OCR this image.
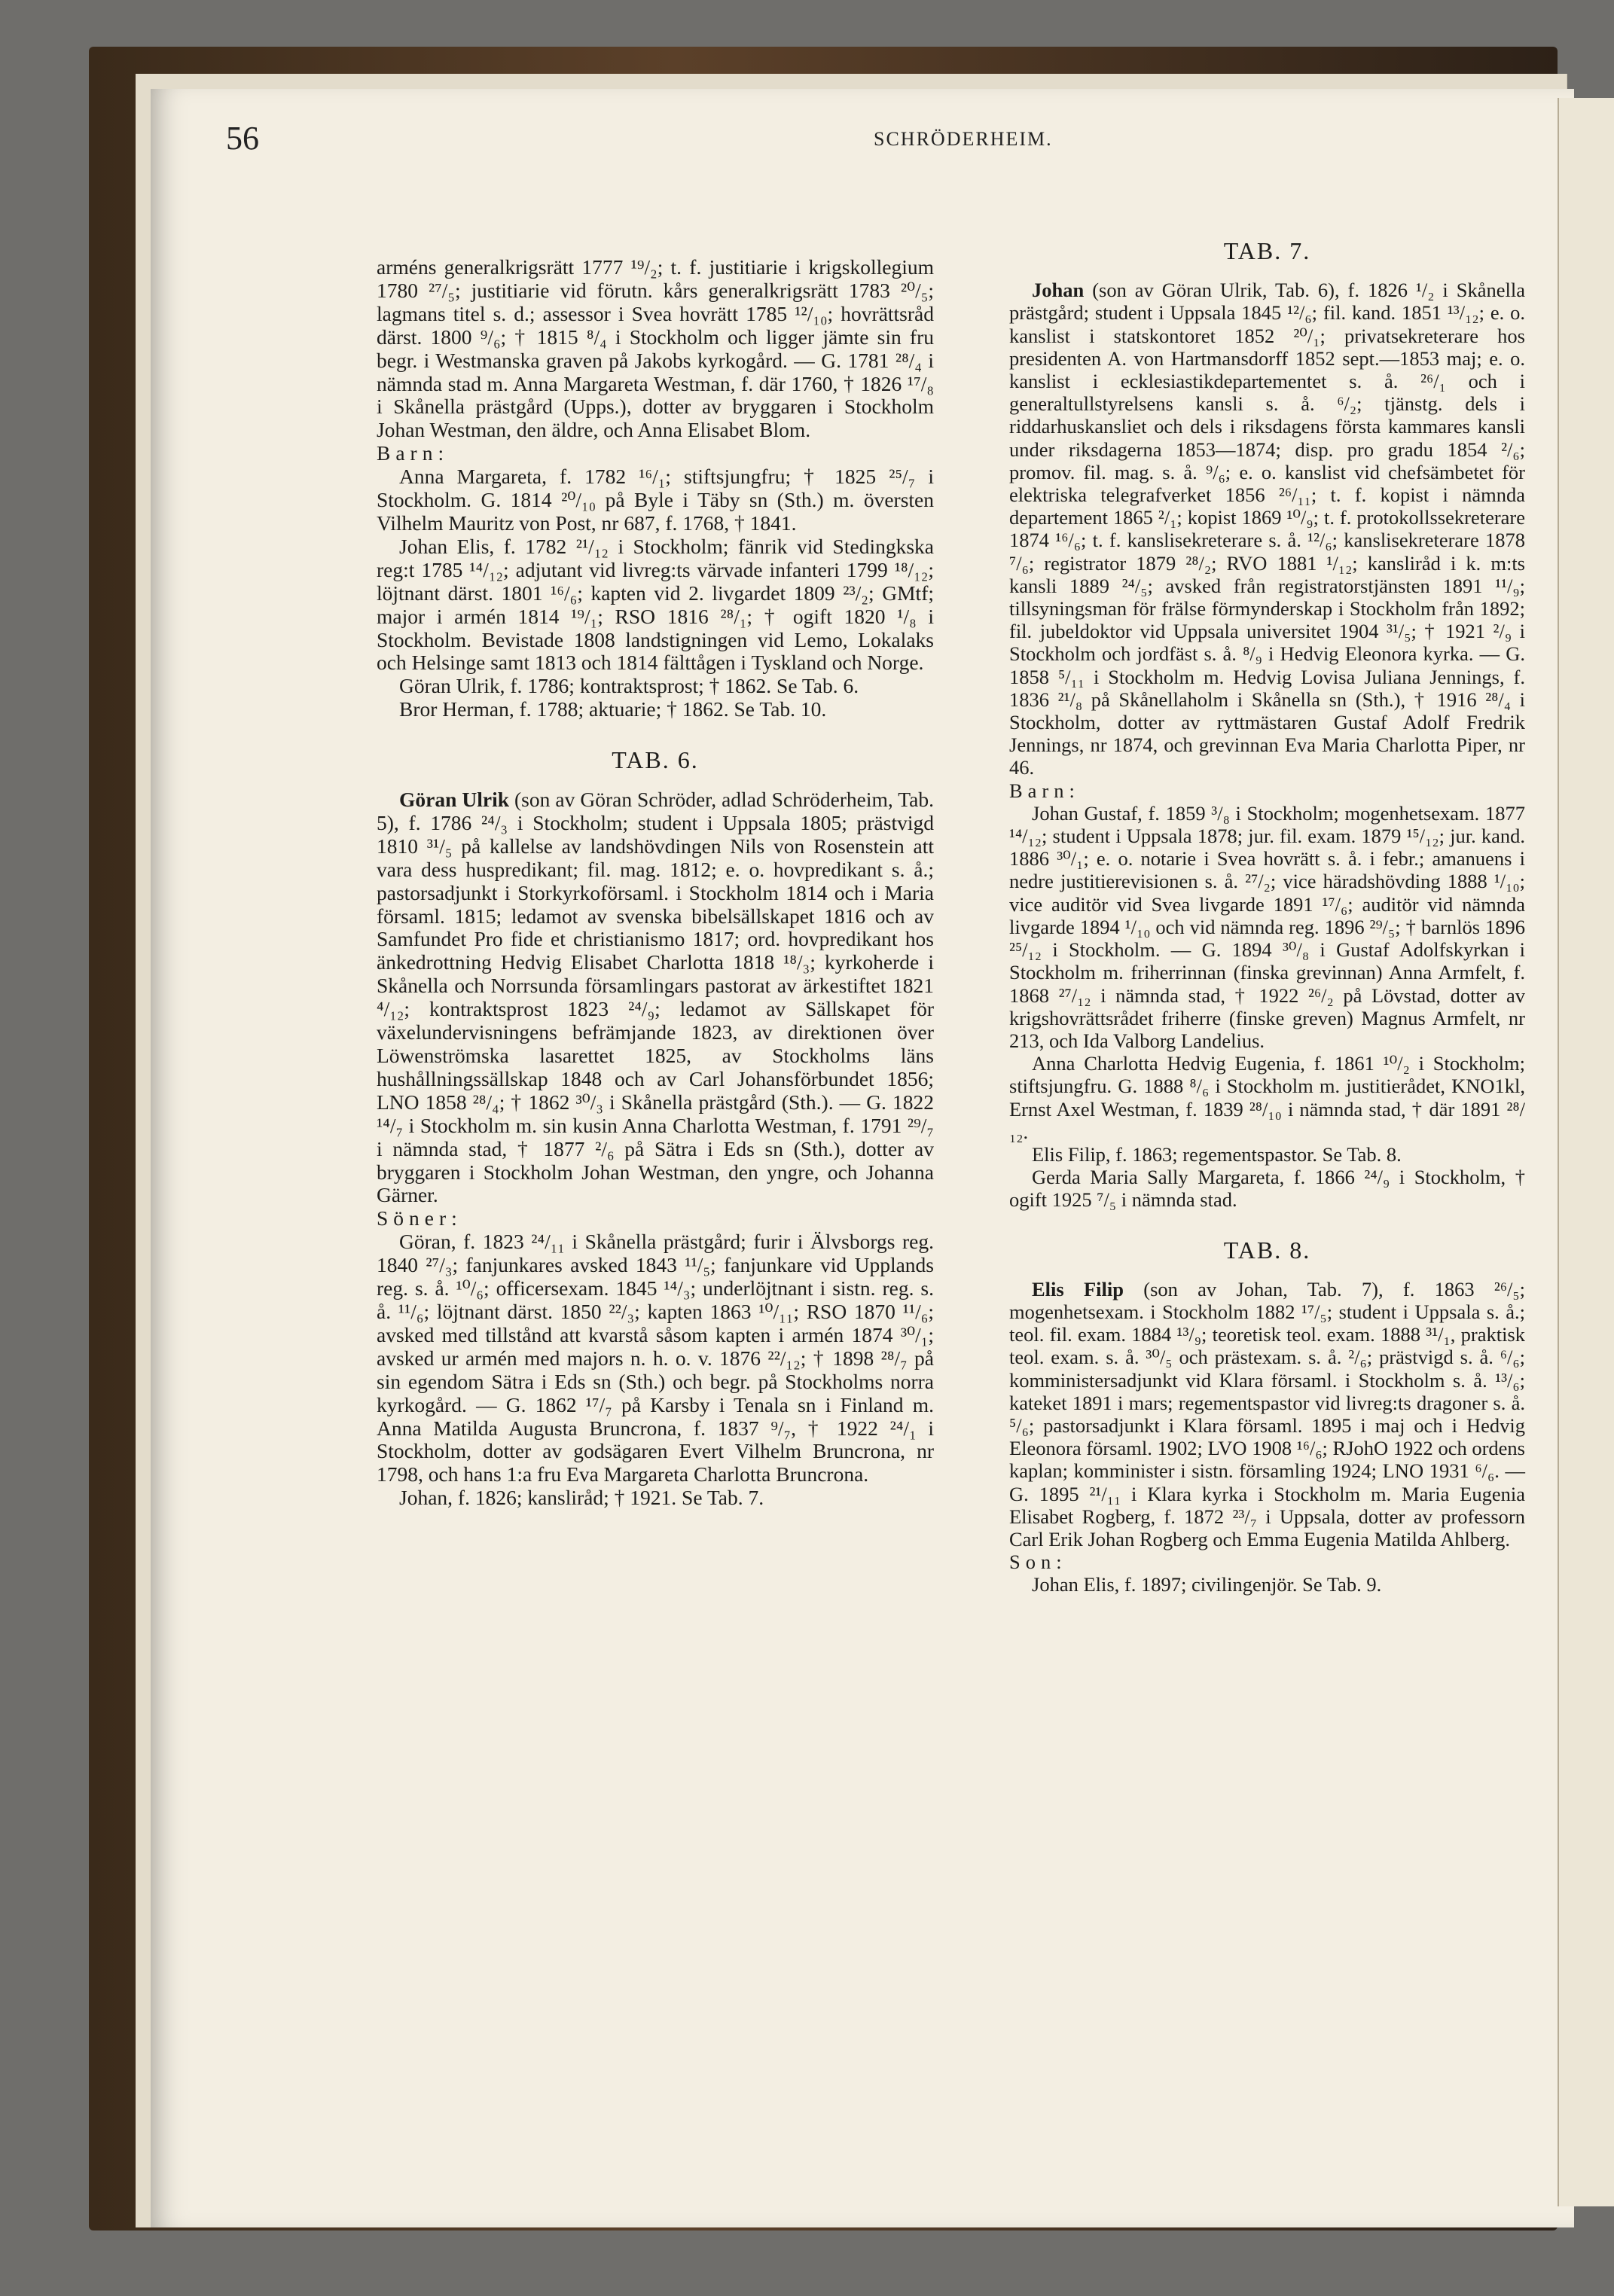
56	SCHRÖDERHEIM.

arméns generalkrigsrätt 1777 ¹⁹/₂; t. f. justitiarie i krigskollegium 1780 ²⁷/₅; justitiarie vid förutn. kårs generalkrigsrätt 1783 ²⁰/₅; lagmans titel s. d.; assessor i Svea hovrätt 1785 ¹²/₁₀; hovrättsråd därst. 1800 ⁹/₆; † 1815 ⁸/₄ i Stockholm och ligger jämte sin fru begr. i Westmanska graven på Jakobs kyrkogård. — G. 1781 ²⁸/₄ i nämnda stad m. Anna Margareta Westman, f. där 1760, † 1826 ¹⁷/₈ i Skånella prästgård (Upps.), dotter av bryggaren i Stockholm Johan Westman, den äldre, och Anna Elisabet Blom.

Barn:

Anna Margareta, f. 1782 ¹⁶/₁; stiftsjungfru; † 1825 ²⁵/₇ i Stockholm. G. 1814 ²⁰/₁₀ på Byle i Täby sn (Sth.) m. översten Vilhelm Mauritz von Post, nr 687, f. 1768, † 1841.

Johan Elis, f. 1782 ²¹/₁₂ i Stockholm; fänrik vid Stedingkska reg:t 1785 ¹⁴/₁₂; adjutant vid livreg:ts värvade infanteri 1799 ¹⁸/₁₂; löjtnant därst. 1801 ¹⁶/₆; kapten vid 2. livgardet 1809 ²³/₂; GMtf; major i armén 1814 ¹⁹/₁; RSO 1816 ²⁸/₁; † ogift 1820 ¹/₈ i Stockholm. Bevistade 1808 landstigningen vid Lemo, Lokalaks och Helsinge samt 1813 och 1814 fälttågen i Tyskland och Norge.

Göran Ulrik, f. 1786; kontraktsprost; † 1862. Se Tab. 6.

Bror Herman, f. 1788; aktuarie; † 1862. Se Tab. 10.

TAB. 6.

Göran Ulrik (son av Göran Schröder, adlad Schröderheim, Tab. 5), f. 1786 ²⁴/₃ i Stockholm; student i Uppsala 1805; prästvigd 1810 ³¹/₅ på kallelse av landshövdingen Nils von Rosenstein att vara dess huspredikant; fil. mag. 1812; e. o. hovpredikant s. å.; pastorsadjunkt i Storkyrkoförsaml. i Stockholm 1814 och i Maria församl. 1815; ledamot av svenska bibelsällskapet 1816 och av Samfundet Pro fide et christianismo 1817; ord. hovpredikant hos änkedrottning Hedvig Elisabet Charlotta 1818 ¹⁸/₃; kyrkoherde i Skånella och Norrsunda församlingars pastorat av ärkestiftet 1821 ⁴/₁₂; kontraktsprost 1823 ²⁴/₉; ledamot av Sällskapet för växelundervisningens befrämjande 1823, av direktionen över Löwenströmska lasarettet 1825, av Stockholms läns hushållningssällskap 1848 och av Carl Johansförbundet 1856; LNO 1858 ²⁸/₄; † 1862 ³⁰/₃ i Skånella prästgård (Sth.). — G. 1822 ¹⁴/₇ i Stockholm m. sin kusin Anna Charlotta Westman, f. 1791 ²⁹/₇ i nämnda stad, † 1877 ²/₆ på Sätra i Eds sn (Sth.), dotter av bryggaren i Stockholm Johan Westman, den yngre, och Johanna Gärner.

Söner:

Göran, f. 1823 ²⁴/₁₁ i Skånella prästgård; furir i Älvsborgs reg. 1840 ²⁷/₃; fanjunkares avsked 1843 ¹¹/₅; fanjunkare vid Upplands reg. s. å. ¹⁰/₆; officersexam. 1845 ¹⁴/₃; underlöjtnant i sistn. reg. s. å. ¹¹/₆; löjtnant därst. 1850 ²²/₃; kapten 1863 ¹⁰/₁₁; RSO 1870 ¹¹/₆; avsked med tillstånd att kvarstå såsom kapten i armén 1874 ³⁰/₁; avsked ur armén med majors n. h. o. v. 1876 ²²/₁₂; † 1898 ²⁸/₇ på sin egendom Sätra i Eds sn (Sth.) och begr. på Stockholms norra kyrkogård. — G. 1862 ¹⁷/₇ på Karsby i Tenala sn i Finland m. Anna Matilda Augusta Bruncrona, f. 1837 ⁹/₇, † 1922 ²⁴/₁ i Stockholm, dotter av godsägaren Evert Vilhelm Bruncrona, nr 1798, och hans 1:a fru Eva Margareta Charlotta Bruncrona.

Johan, f. 1826; kanslіråd; † 1921. Se Tab. 7.

TAB. 7.

Johan (son av Göran Ulrik, Tab. 6), f. 1826 ¹/₂ i Skånella prästgård; student i Uppsala 1845 ¹²/₆; fil. kand. 1851 ¹³/₁₂; e. o. kanslist i statskontoret 1852 ²⁰/₁; privatsekreterare hos presidenten A. von Hartmansdorff 1852 sept.—1853 maj; e. o. kanslist i ecklesiastikdepartementet s. å. ²⁶/₁ och i generaltullstyrelsens kansli s. å. ⁶/₂; tjänstg. dels i riddarhuskansliet och dels i riksdagens första kammares kansli under riksdagerna 1853—1874; disp. pro gradu 1854 ²/₆; promov. fil. mag. s. å. ⁹/₆; e. o. kanslist vid chefsämbetet för elektriska telegrafverket 1856 ²⁶/₁₁; t. f. kopist i nämnda departement 1865 ²/₁; kopist 1869 ¹⁰/₉; t. f. protokollssekreterare 1874 ¹⁶/₆; t. f. kanslisekreterare s. å. ¹²/₆; kanslisekreterare 1878 ⁷/₆; registrator 1879 ²⁸/₂; RVO 1881 ¹/₁₂; kanslіråd i k. m:ts kansli 1889 ²⁴/₅; avsked från registratorstjänsten 1891 ¹¹/₉; tillsyningsman för frälse förmynderskap i Stockholm från 1892; fil. jubeldoktor vid Uppsala universitet 1904 ³¹/₅; † 1921 ²/₉ i Stockholm och jordfäst s. å. ⁸/₉ i Hedvig Eleonora kyrka. — G. 1858 ⁵/₁₁ i Stockholm m. Hedvig Lovisa Juliana Jennings, f. 1836 ²¹/₈ på Skånellaholm i Skånella sn (Sth.), † 1916 ²⁸/₄ i Stockholm, dotter av ryttmästaren Gustaf Adolf Fredrik Jennings, nr 1874, och grevinnan Eva Maria Charlotta Piper, nr 46.

Barn:

Johan Gustaf, f. 1859 ³/₈ i Stockholm; mogenhetsexam. 1877 ¹⁴/₁₂; student i Uppsala 1878; jur. fil. exam. 1879 ¹⁵/₁₂; jur. kand. 1886 ³⁰/₁; e. o. notarie i Svea hovrätt s. å. i febr.; amanuens i nedre justitierevisionen s. å. ²⁷/₂; vice häradshövding 1888 ¹/₁₀; vice auditör vid Svea livgarde 1891 ¹⁷/₆; auditör vid nämnda livgarde 1894 ¹/₁₀ och vid nämnda reg. 1896 ²⁹/₅; † barnlös 1896 ²⁵/₁₂ i Stockholm. — G. 1894 ³⁰/₈ i Gustaf Adolfskyrkan i Stockholm m. friherrinnan (finska grevinnan) Anna Armfelt, f. 1868 ²⁷/₁₂ i nämnda stad, † 1922 ²⁶/₂ på Lövstad, dotter av krigshovrättsrådet friherre (finske greven) Magnus Armfelt, nr 213, och Ida Valborg Landelius.

Anna Charlotta Hedvig Eugenia, f. 1861 ¹⁰/₂ i Stockholm; stiftsjungfru. G. 1888 ⁸/₆ i Stockholm m. justitierådet, KNO1kl, Ernst Axel Westman, f. 1839 ²⁸/₁₀ i nämnda stad, † där 1891 ²⁸/₁₂.

Elis Filip, f. 1863; regementspastor. Se Tab. 8.

Gerda Maria Sally Margareta, f. 1866 ²⁴/₉ i Stockholm, † ogift 1925 ⁷/₅ i nämnda stad.

TAB. 8.

Elis Filip (son av Johan, Tab. 7), f. 1863 ²⁶/₅; mogenhetsexam. i Stockholm 1882 ¹⁷/₅; student i Uppsala s. å.; teol. fil. exam. 1884 ¹³/₉; teoretisk teol. exam. 1888 ³¹/₁, praktisk teol. exam. s. å. ³⁰/₅ och prästexam. s. å. ²/₆; prästvigd s. å. ⁶/₆; komministersadjunkt vid Klara församl. i Stockholm s. å. ¹³/₆; kateket 1891 i mars; regementspastor vid livreg:ts dragoner s. å. ⁵/₆; pastorsadjunkt i Klara församl. 1895 i maj och i Hedvig Eleonora församl. 1902; LVO 1908 ¹⁶/₆; RJohO 1922 och ordens kaplan; komminister i sistn. församling 1924; LNO 1931 ⁶/₆. — G. 1895 ²¹/₁₁ i Klara kyrka i Stockholm m. Maria Eugenia Elisabet Rogberg, f. 1872 ²³/₇ i Uppsala, dotter av professorn Carl Erik Johan Rogberg och Emma Eugenia Matilda Ahlberg.

Son:

Johan Elis, f. 1897; civilingenjör. Se Tab. 9.
